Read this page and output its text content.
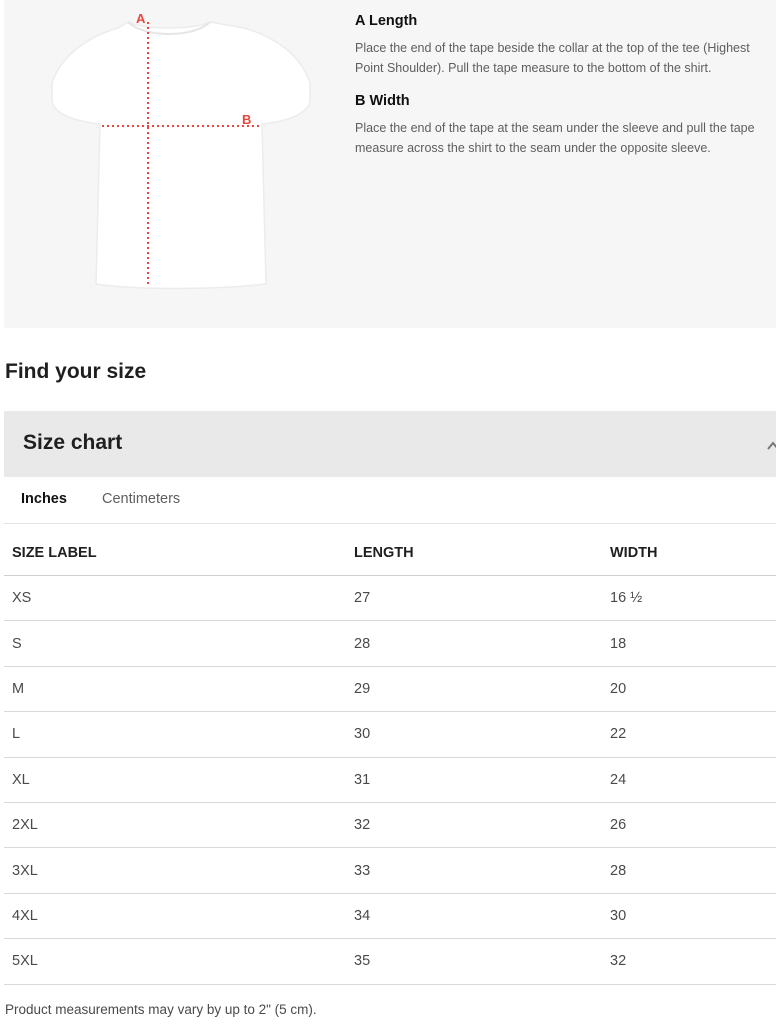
A
B
A Length

Place the end of the tape beside the collar at the top of the tee (Highest Point Shoulder). Pull the tape measure to the bottom of the shirt.

B Width

Place the end of the tape at the seam under the sleeve and pull the tape measure across the shirt to the seam under the opposite sleeve.

Find your size
Size chart
Inches Centimeters
SIZE LABEL	LENGTH	WIDTH
XS	27	16 ½
S	28	18
M	29	20
L	30	22
XL	31	24
2XL	32	26
3XL	33	28
4XL	34	30
5XL	35	32

Product measurements may vary by up to 2" (5 cm).
